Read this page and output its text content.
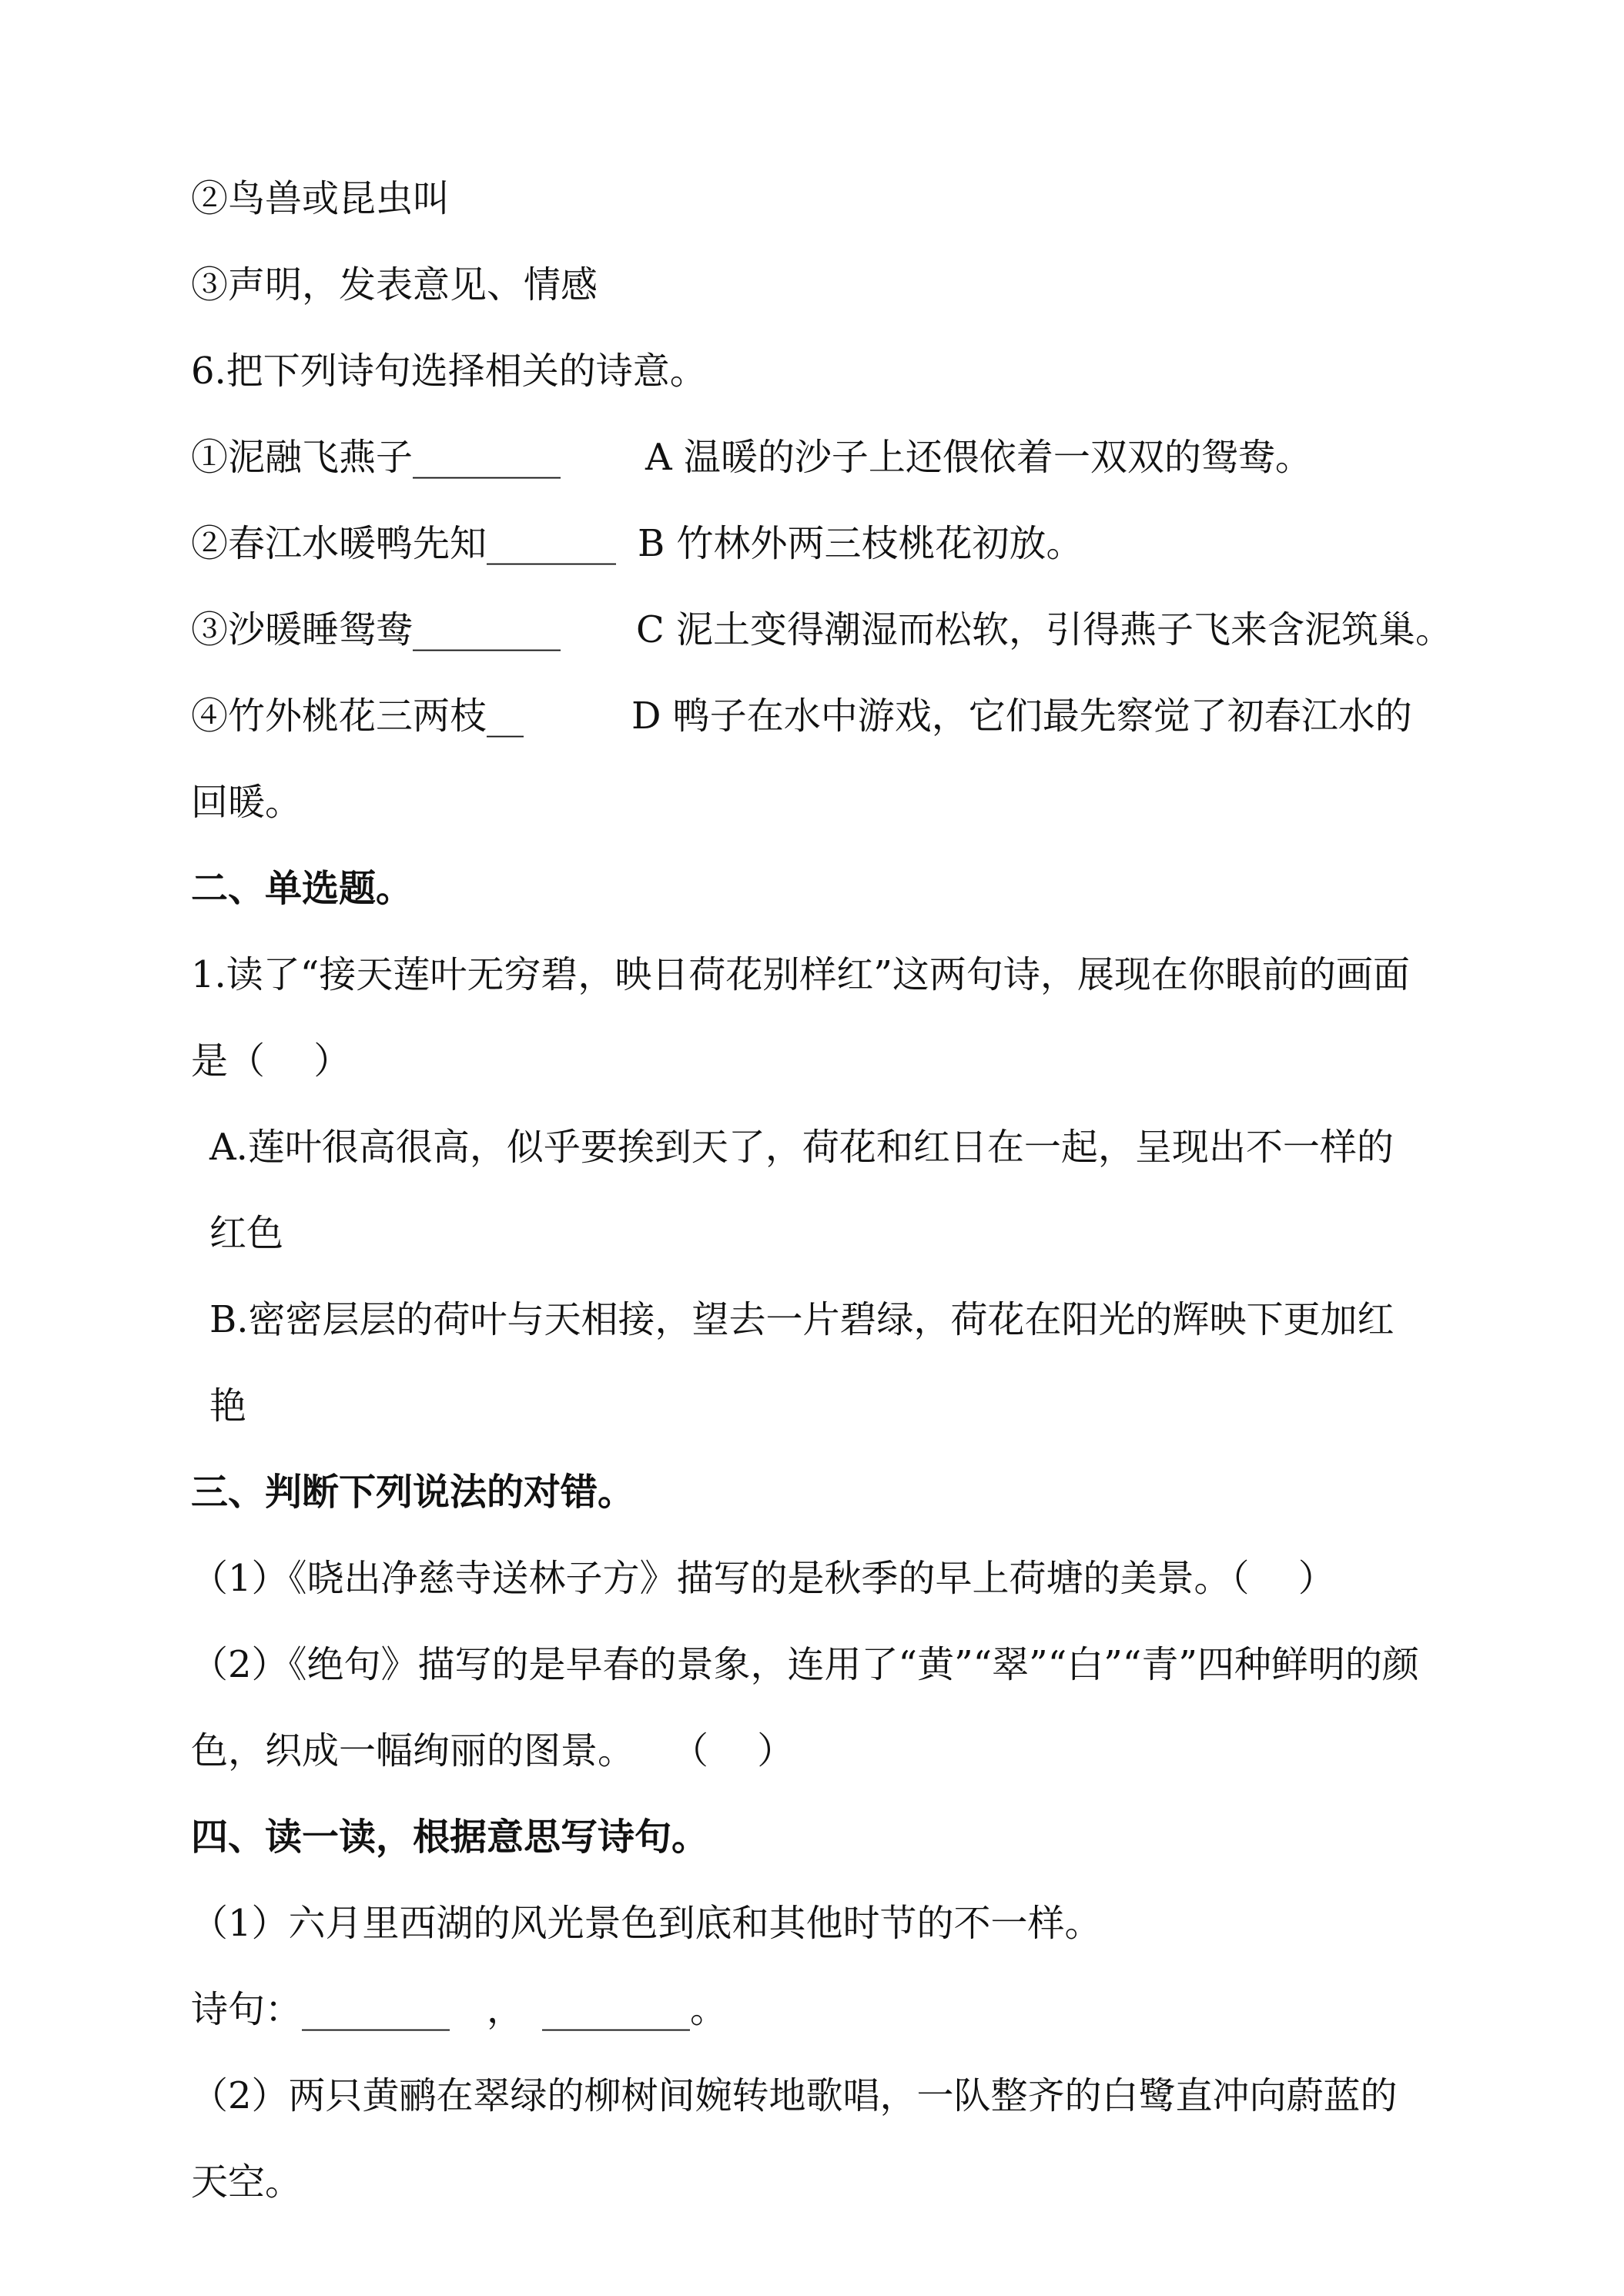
②鸟兽或昆虫叫
③声明，发表意见、情感
6.把下列诗句选择相关的诗意。

①泥融飞燕子________

A 温暖的沙子上还偎依着一双双的鸳鸯。

②春江水暖鸭先知_______

B 竹林外两三枝桃花初放。

③沙暖睡鸳鸯________

C 泥土变得潮湿而松软，引得燕子飞来含泥筑巢。

④竹外桃花三两枝__

	D 鸭子在水中游戏，它们最先察觉了初春江水的

回暖。
二、单选题。
1.读了“接天莲叶无穷碧，映日荷花别样红”这两句诗，展现在你眼前的画面
是（　 ）
A.莲叶很高很高，似乎要挨到天了，荷花和红日在一起，呈现出不一样的
红色
B.密密层层的荷叶与天相接，望去一片碧绿，荷花在阳光的辉映下更加红
艳
三、判断下列说法的对错。
（1）《晓出净慈寺送林子方》描写的是秋季的早上荷塘的美景。（　 ）
（2）《绝句》描写的是早春的景象，连用了“黄”“翠”“白”“青”四种鲜明的颜
色，织成一幅绚丽的图景。　　（　 ）
四、读一读，根据意思写诗句。
（1）六月里西湖的风光景色到底和其他时节的不一样。
诗句：________　，　________。
（2）两只黄鹂在翠绿的柳树间婉转地歌唱，一队整齐的白鹭直冲向蔚蓝的
天空。
